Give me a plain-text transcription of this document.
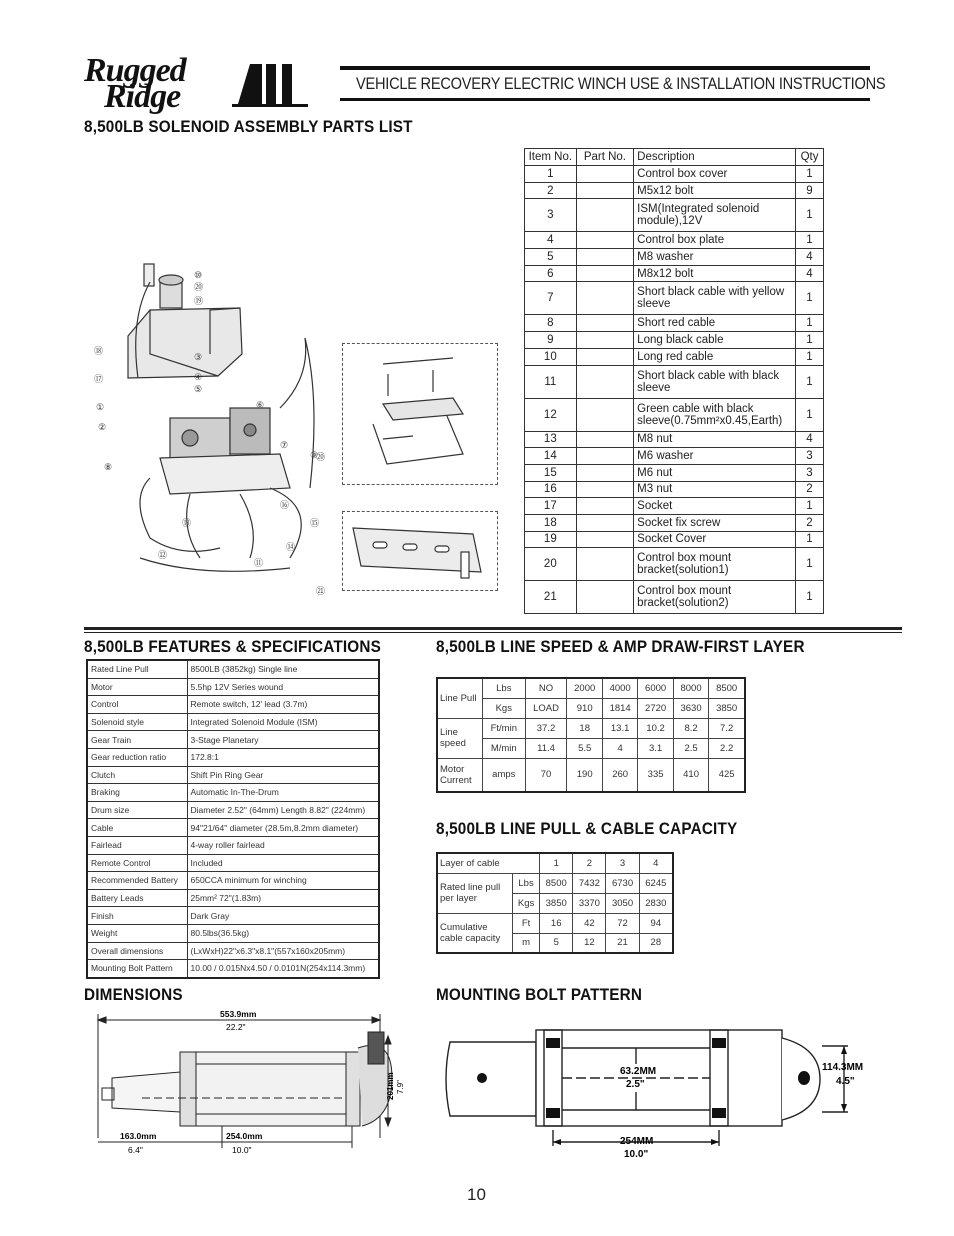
Rugged
Ridge	VEHICLE RECOVERY ELECTRIC WINCH USE & INSTALLATION INSTRUCTIONS
8,500LB SOLENOID ASSEMBLY PARTS LIST
⑩
⑳
⑲
⑱
⑰
①
②
⑧
③
④
⑤
⑥
⑦
⑯
⑮
⑭
⑬
⑫
⑪
⑨
⑳
㉑
Item No.	Part No.	Description	Qty
1		Control box cover	1
2		M5x12 bolt	9
3		ISM(Integrated solenoid module),12V	1
4		Control box plate	1
5		M8 washer	4
6		M8x12 bolt	4
7		Short black cable with yellow sleeve	1
8		Short red cable	1
9		Long black cable	1
10		Long red cable	1
11		Short black cable with black sleeve	1
12		Green cable with black sleeve(0.75mm²x0.45,Earth)	1
13		M8 nut	4
14		M6 washer	3
15		M6 nut	3
16		M3 nut	2
17		Socket	1
18		Socket fix screw	2
19		Socket Cover	1
20		Control box mount bracket(solution1)	1
21		Control box mount bracket(solution2)	1
8,500LB FEATURES & SPECIFICATIONS
Rated Line Pull	8500LB (3852kg) Single line
Motor	5.5hp 12V Series wound
Control	Remote switch, 12' lead (3.7m)
Solenoid style	Integrated Solenoid Module (ISM)
Gear Train	3-Stage Planetary
Gear reduction ratio	172.8:1
Clutch	Shift Pin Ring Gear
Braking	Automatic In-The-Drum
Drum size	Diameter 2.52" (64mm) Length 8.82" (224mm)
Cable	94"21/64" diameter (28.5m,8.2mm diameter)
Fairlead	4-way roller fairlead
Remote Control	Included
Recommended Battery	650CCA minimum for winching
Battery Leads	25mm² 72"(1.83m)
Finish	Dark Gray
Weight	80.5lbs(36.5kg)
Overall dimensions	(LxWxH)22"x6.3"x8.1"(557x160x205mm)
Mounting Bolt Pattern	10.00 / 0.015Nx4.50 / 0.0101N(254x114.3mm)
8,500LB LINE SPEED & AMP DRAW-FIRST LAYER
Line Pull	Lbs	NO	2000	4000	6000	8000	8500
	Kgs	LOAD	910	1814	2720	3630	3850
Line speed	Ft/min	37.2	18	13.1	10.2	8.2	7.2
	M/min	11.4	5.5	4	3.1	2.5	2.2
Motor Current	amps	70	190	260	335	410	425
8,500LB LINE PULL & CABLE CAPACITY
Layer of cable		1	2	3	4
Rated line pull per layer	Lbs	8500	7432	6730	6245
	Kgs	3850	3370	3050	2830
Cumulative cable capacity	Ft	16	42	72	94
	m	5	12	21	28
DIMENSIONS
553.9mm
22.2"
163.0mm
6.4"
254.0mm
10.0"
201mm 7.9"
MOUNTING BOLT PATTERN
63.2MM
2.5"
254MM
10.0"
114.3MM
4.5"
10
